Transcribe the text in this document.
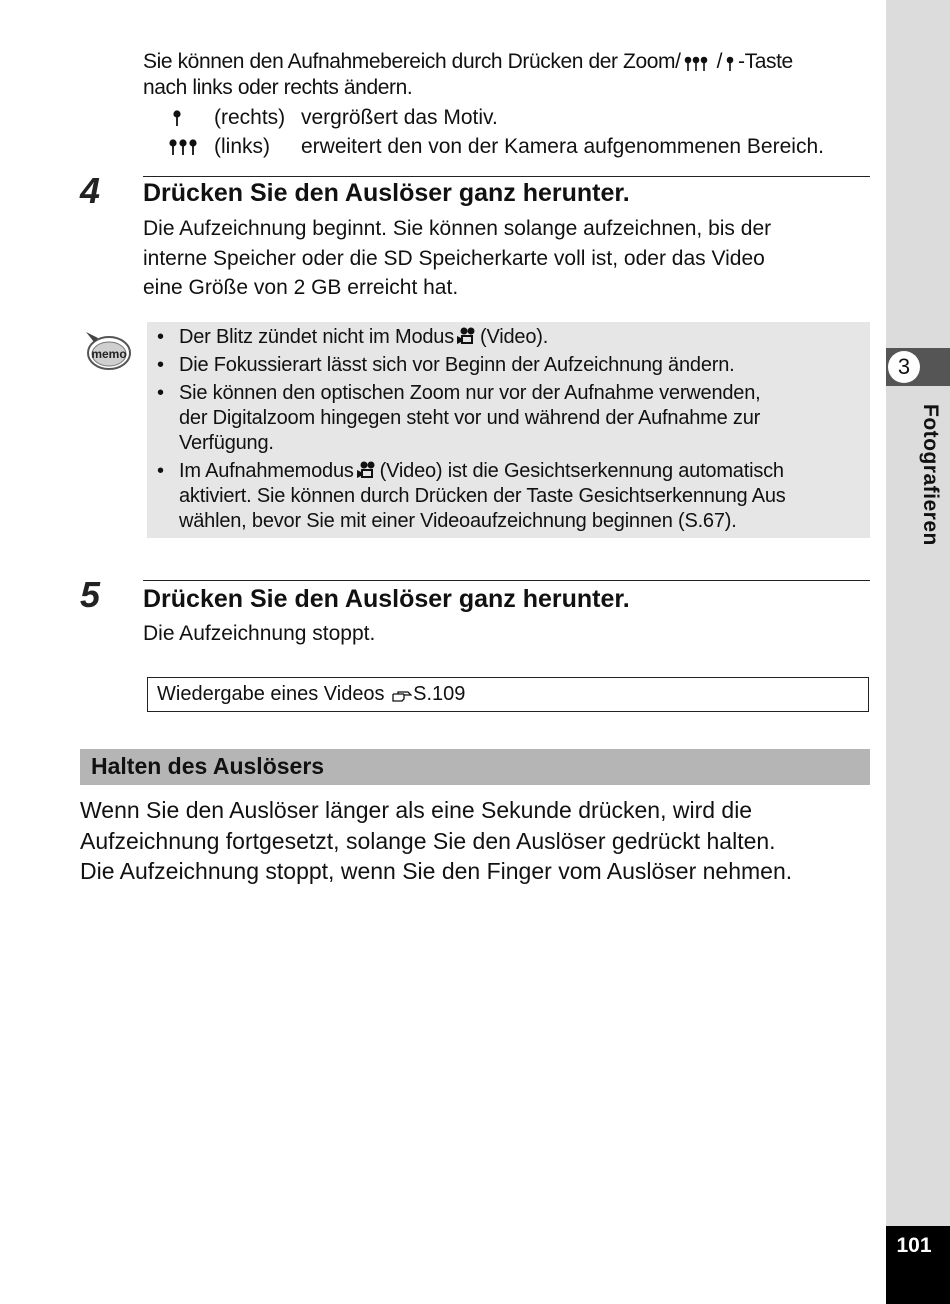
3
Fotografieren
101
Sie können den Aufnahmebereich durch Drücken der Zoom/ / -Taste
nach links oder rechts ändern.
(rechts) vergrößert das Motiv.
(links) erweitert den von der Kamera aufgenommenen Bereich.
4 Drücken Sie den Auslöser ganz herunter.
Die Aufzeichnung beginnt. Sie können solange aufzeichnen, bis der
interne Speicher oder die SD Speicherkarte voll ist, oder das Video
eine Größe von 2 GB erreicht hat.
memo
• Der Blitz zündet nicht im Modus (Video).
• Die Fokussierart lässt sich vor Beginn der Aufzeichnung ändern.
• Sie können den optischen Zoom nur vor der Aufnahme verwenden,
der Digitalzoom hingegen steht vor und während der Aufnahme zur
Verfügung.
• Im Aufnahmemodus (Video) ist die Gesichtserkennung automatisch
aktiviert. Sie können durch Drücken der Taste Gesichtserkennung Aus
wählen, bevor Sie mit einer Videoaufzeichnung beginnen (S.67).
5 Drücken Sie den Auslöser ganz herunter.
Die Aufzeichnung stoppt.
Wiedergabe eines Videos S.109
Halten des Auslösers
Wenn Sie den Auslöser länger als eine Sekunde drücken, wird die
Aufzeichnung fortgesetzt, solange Sie den Auslöser gedrückt halten.
Die Aufzeichnung stoppt, wenn Sie den Finger vom Auslöser nehmen.
